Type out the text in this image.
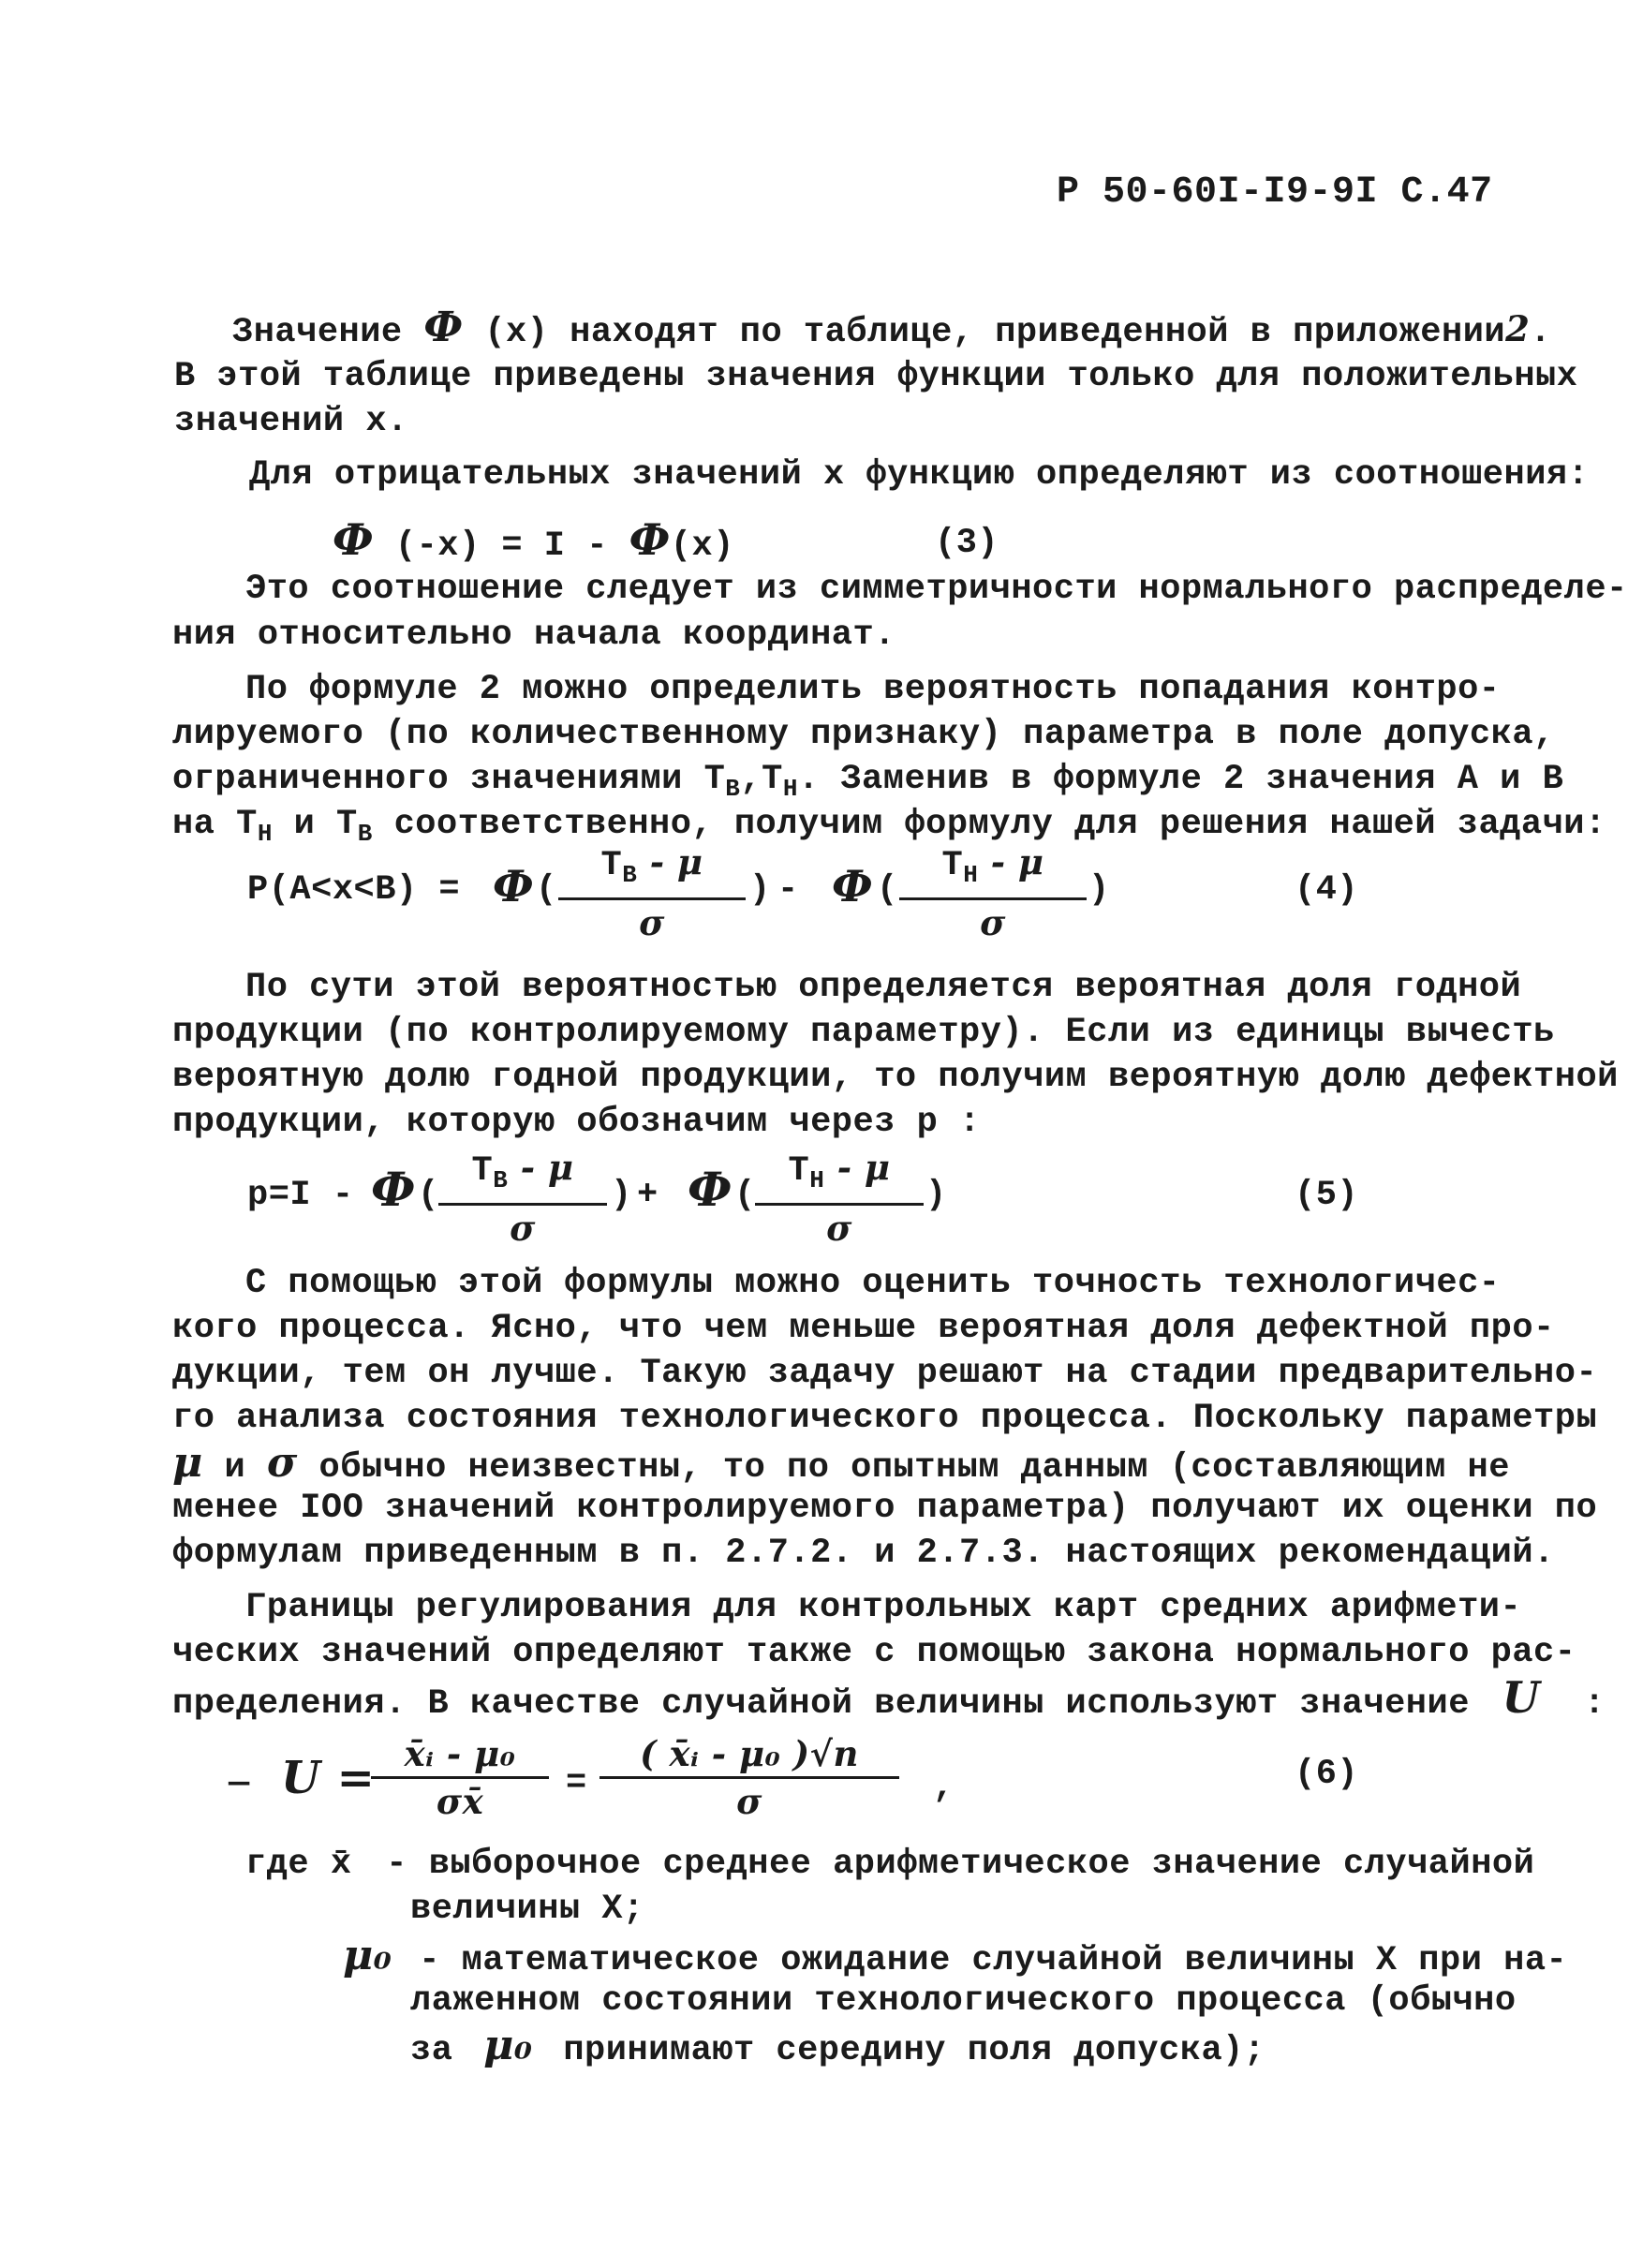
Р 50-60I-I9-9I С.47
Значение Ф (x) находят по таблице, приведенной в приложении2.
В этой таблице приведены значения функции только для положительных
значений x.
Для отрицательных значений x функцию определяют из соотношения:
Ф (-x) = I - Ф(x)	(3)
Это соотношение следует из симметричности нормального распределе-
ния относительно начала координат.
По формуле 2 можно определить вероятность попадания контро-
лируемого (по количественному признаку) параметра в поле допуска,
ограниченного значениями $T_В,T_Н$. Заменив в формуле 2 значения А и В
на $T_Н$ и $T_В$ соответственно, получим формулу для решения нашей задачи:
P(A<x<B) = Ф (
$T_В$ - μ
σ
) - Ф (
$T_Н$ - μ
σ
)	(4)
По сути этой вероятностью определяется вероятная доля годной
продукции (по контролируемому параметру). Если из единицы вычесть
вероятную долю годной продукции, то получим вероятную долю дефектной
продукции, которую обозначим через p :
p=I - Ф (
$T_В$ - μ
σ
) + Ф (
$T_Н$ - μ
σ
)	(5)
С помощью этой формулы можно оценить точность технологичес-
кого процесса. Ясно, что чем меньше вероятная доля дефектной про-
дукции, тем он лучше. Такую задачу решают на стадии предварительно-
го анализа состояния технологического процесса. Поскольку параметры
μ и σ обычно неизвестны, то по опытным данным (составляющим не
менее IOO значений контролируемого параметра) получают их оценки по
формулам приведенным в п. 2.7.2. и 2.7.3. настоящих рекомендаций.
Границы регулирования для контрольных карт средних арифмети-
ческих значений определяют также с помощью закона нормального рас-
пределения. В качестве случайной величины используют значение U :
— U = x̄ᵢ - μ₀
σx̄	=
( x̄ᵢ - μ₀ )√n
σ	,	(6)
где x̄ - выборочное среднее арифметическое значение случайной
величины X;
μ₀ - математическое ожидание случайной величины X при на-
лаженном состоянии технологического процесса (обычно
за μ₀ принимают середину поля допуска);
